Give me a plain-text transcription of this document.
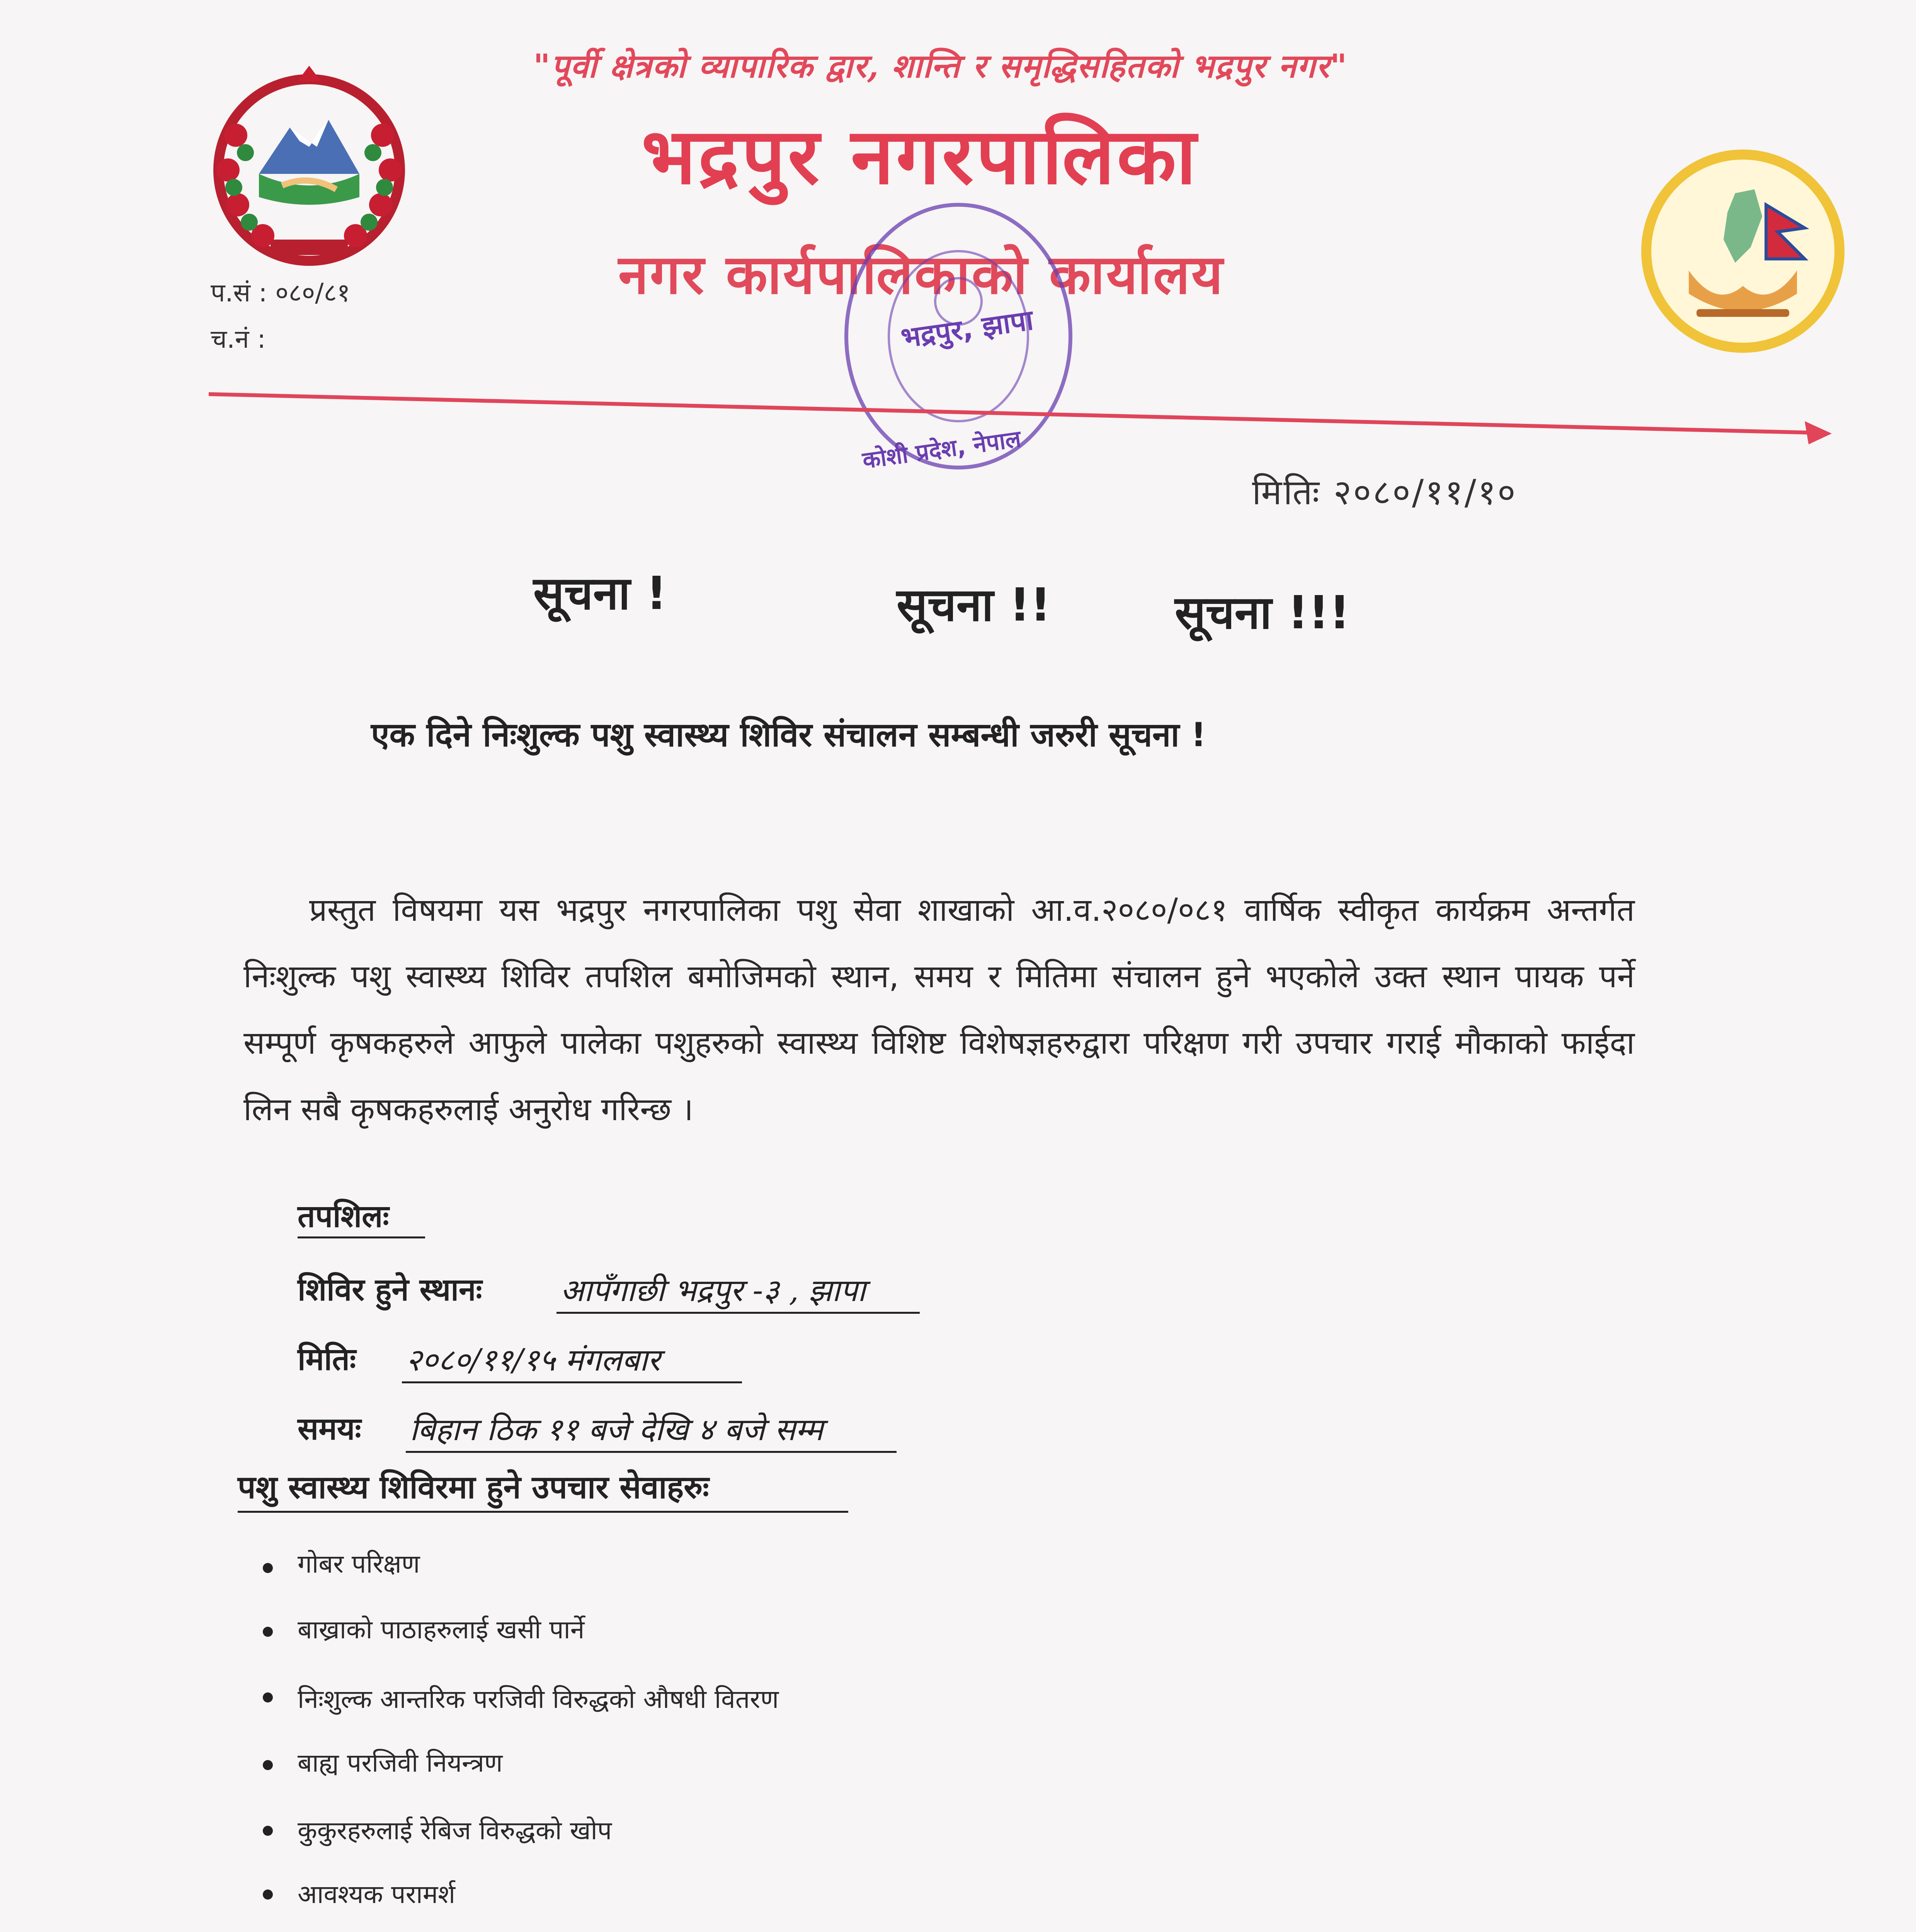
"पूर्वी क्षेत्रको व्यापारिक द्वार, शान्ति र समृद्धिसहितको भद्रपुर नगर"
भद्रपुर नगरपालिका
नगर कार्यपालिकाको कार्यालय
प.सं : ०८०/८१
च.नं :	भद्रपुर, झापा
कोशी प्रदेश, नेपाल
मितिः २०८०/११/१०
सूचना !	सूचना !!	सूचना !!!
एक दिने निःशुल्क पशु स्वास्थ्य शिविर संचालन सम्बन्धी जरुरी सूचना !
प्रस्तुत विषयमा यस भद्रपुर नगरपालिका पशु सेवा शाखाको आ.व.२०८०/०८१ वार्षिक स्वीकृत कार्यक्रम अन्तर्गत निःशुल्क पशु स्वास्थ्य शिविर तपशिल बमोजिमको स्थान, समय र मितिमा संचालन हुने भएकोले उक्त स्थान पायक पर्ने सम्पूर्ण कृषकहरुले आफुले पालेका पशुहरुको स्वास्थ्य विशिष्ट विशेषज्ञहरुद्वारा परिक्षण गरी उपचार गराई मौकाको फाईदा लिन सबै कृषकहरुलाई अनुरोध गरिन्छ ।
तपशिलः
शिविर हुने स्थानः	आपँगाछी भद्रपुर -३ , झापा
मितिः २०८०/११/१५ मंगलबार
समयः बिहान ठिक ११ बजे देखि ४ बजे सम्म
पशु स्वास्थ्य शिविरमा हुने उपचार सेवाहरुः
गोबर परिक्षण
बाख्राको पाठाहरुलाई खसी पार्ने
निःशुल्क आन्तरिक परजिवी विरुद्धको औषधी वितरण
बाह्य परजिवी नियन्त्रण
कुकुरहरुलाई रेबिज विरुद्धको खोप
आवश्यक परामर्श
